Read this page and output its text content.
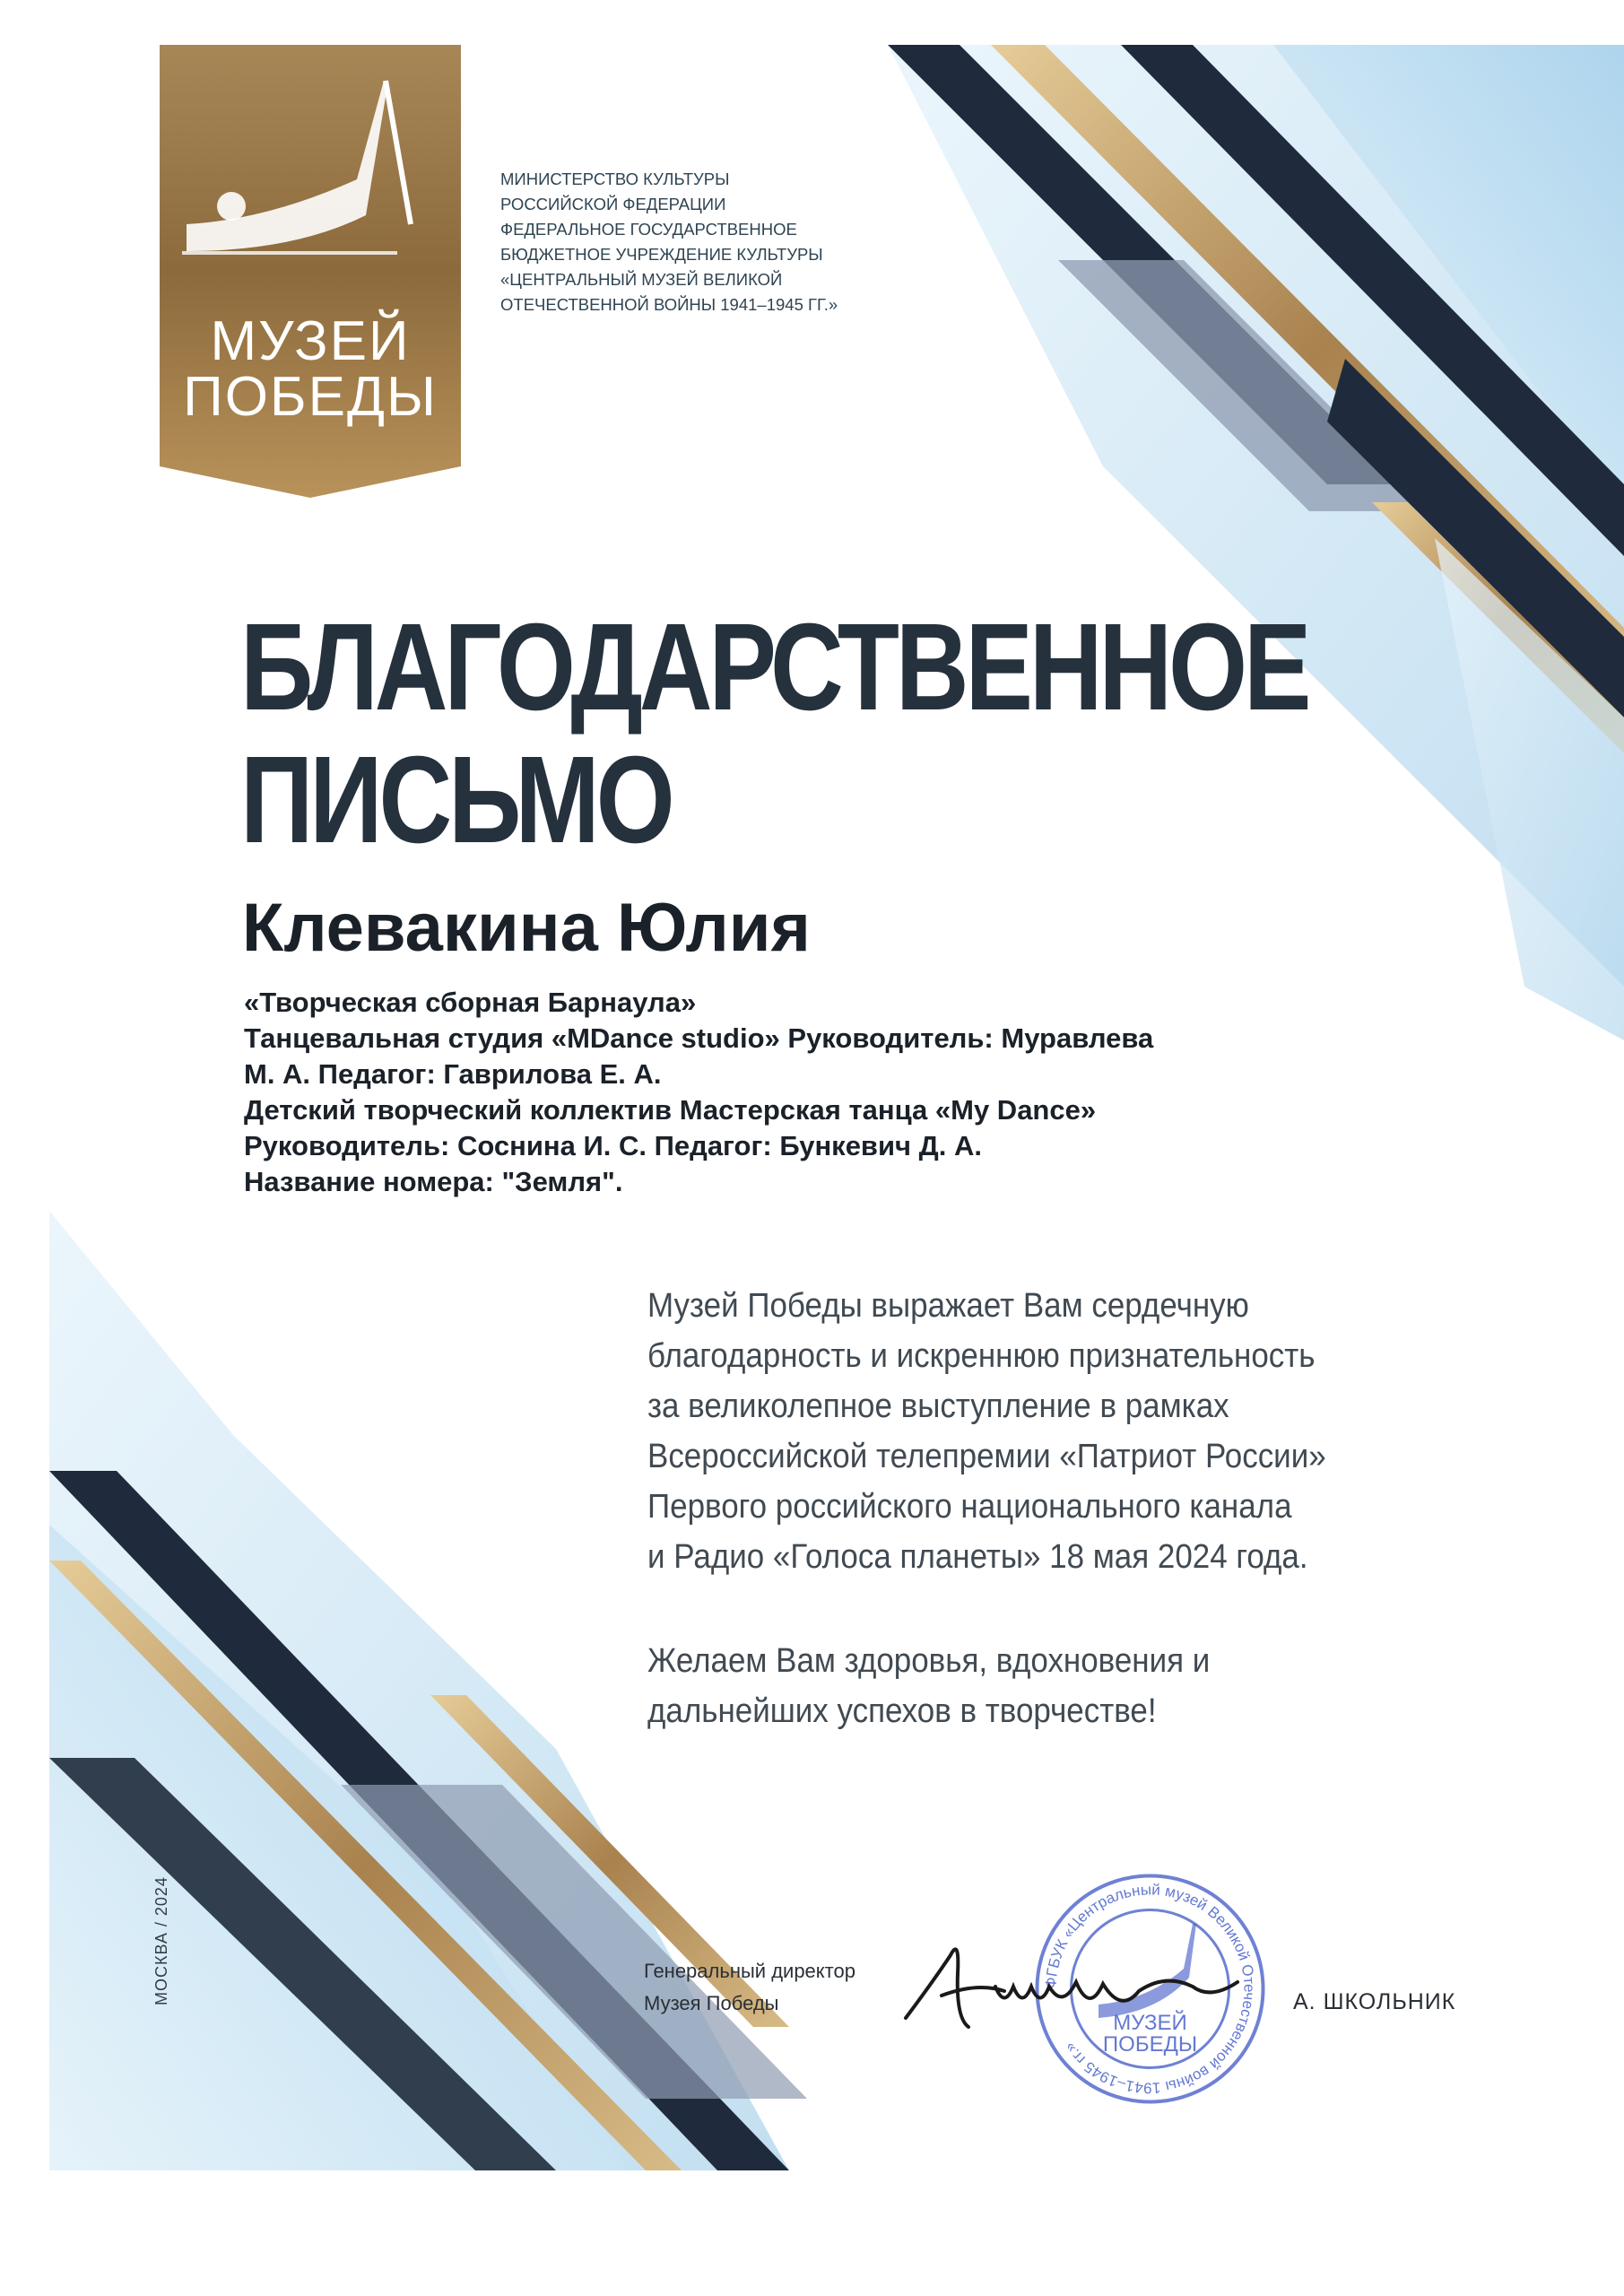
МУЗЕЙ
ПОБЕДЫ
МИНИСТЕРСТВО КУЛЬТУРЫ
РОССИЙСКОЙ ФЕДЕРАЦИИ
ФЕДЕРАЛЬНОЕ ГОСУДАРСТВЕННОЕ
БЮДЖЕТНОЕ УЧРЕЖДЕНИЕ КУЛЬТУРЫ
«ЦЕНТРАЛЬНЫЙ МУЗЕЙ ВЕЛИКОЙ
ОТЕЧЕСТВЕННОЙ ВОЙНЫ 1941–1945 ГГ.»
БЛАГОДАРСТВЕННОЕ
ПИСЬМО
Клевакина Юлия
«Творческая сборная Барнаула»
Танцевальная студия «MDance studio» Руководитель: Муравлева
М. А. Педагог: Гаврилова Е. А.
Детский творческий коллектив Мастерская танца «My Dance»
Руководитель: Соснина И. С. Педагог: Бункевич Д. А.
Название номера: "Земля".
Музей Победы выражает Вам сердечную
благодарность и искреннюю признательность
за великолепное выступление в рамках
Всероссийской телепремии «Патриот России»
Первого российского национального канала
и Радио «Голоса планеты» 18 мая 2024 года.
Желаем Вам здоровья, вдохновения и
дальнейших успехов в творчестве!
Генеральный директор
Музея Победы
ФГБУК «Центральный музей Великой Отечественной войны 1941–1945 гг.»
МУЗЕЙ
ПОБЕДЫ
А. ШКОЛЬНИК
МОСКВА / 2024
